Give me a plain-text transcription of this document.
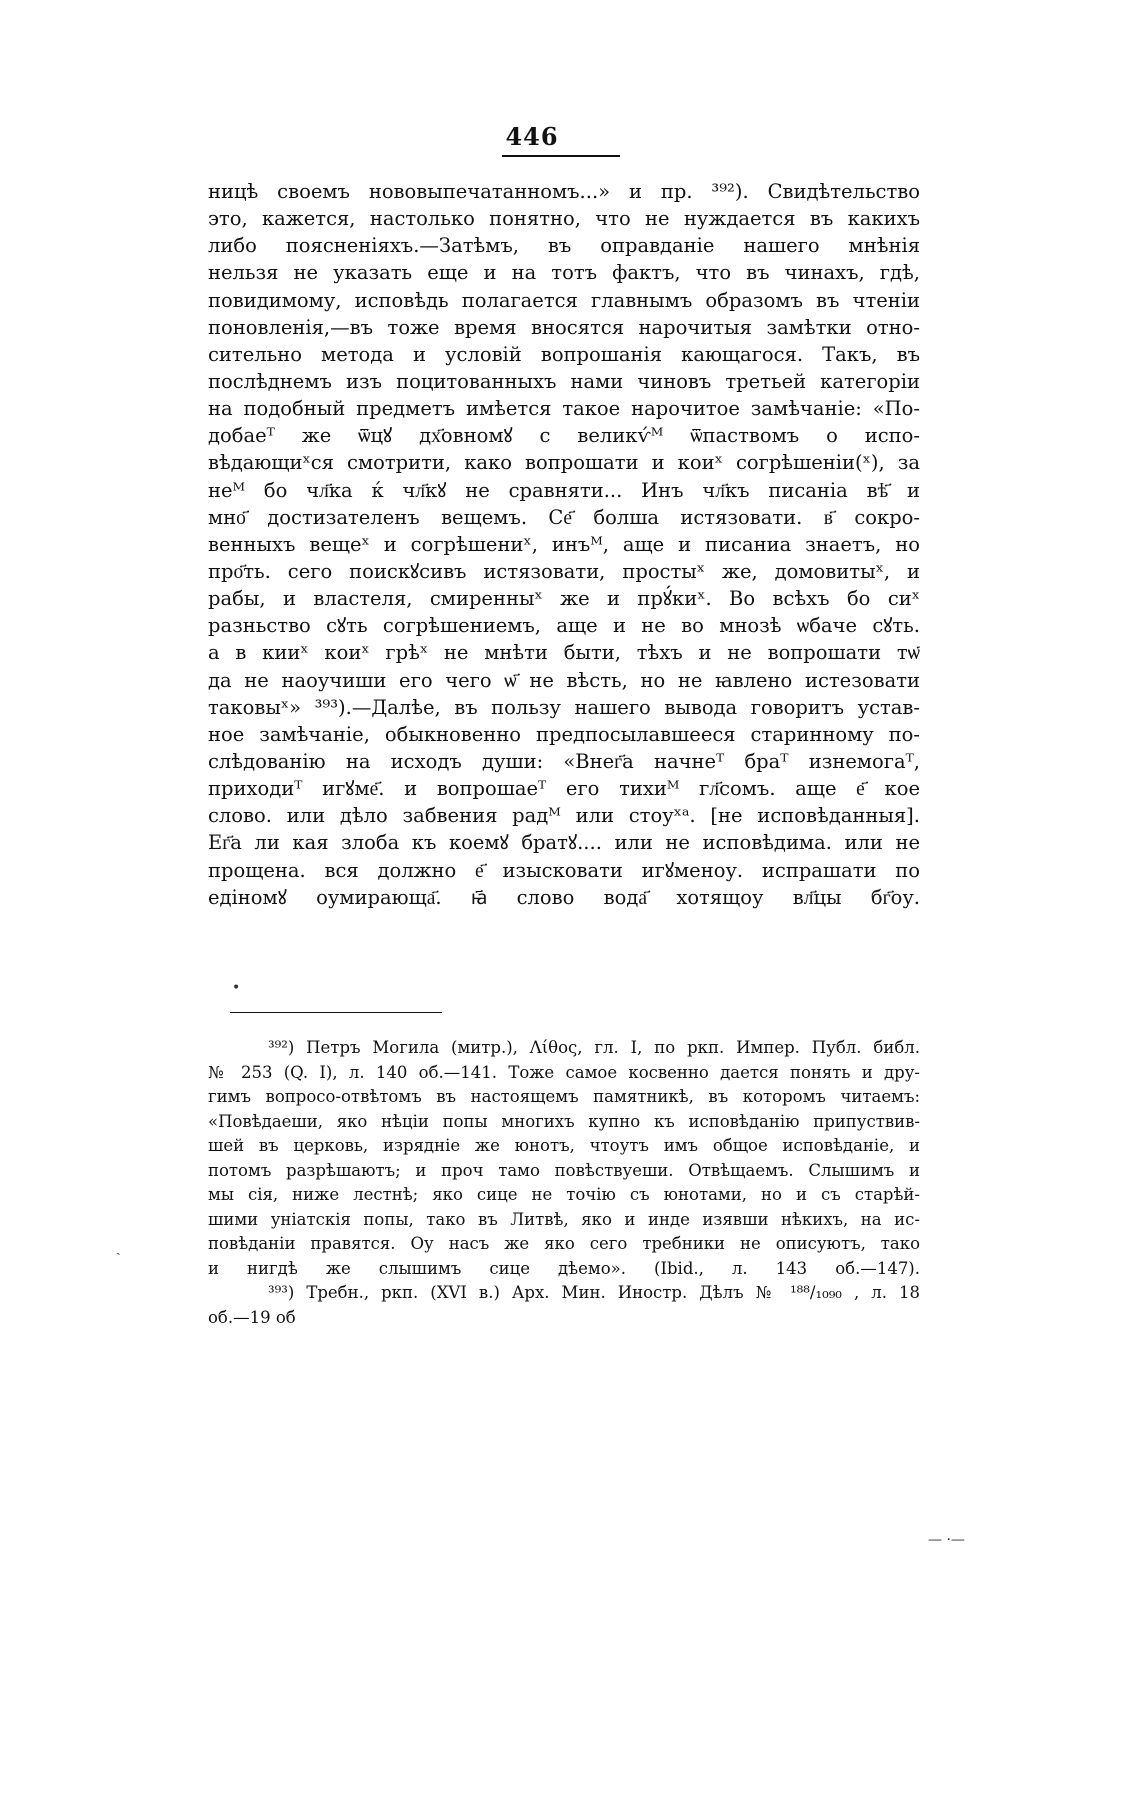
446
ницѣ своемъ нововыпечатанномъ...» и пр. ³⁹²). Свидѣтельство
это, кажется, настолько понятно, что не нуждается въ какихъ
либо поясненіяхъ.—Затѣмъ, въ оправданіе нашего мнѣнія
нельзя не указать еще и на тотъ фактъ, что въ чинахъ, гдѣ,
повидимому, исповѣдь полагается главнымъ образомъ въ чтеніи
поновленія,—въ тоже время вносятся нарочитыя замѣтки отно-
сительно метода и условій вопрошанія кающагося. Такъ, въ
послѣднемъ изъ поцитованныхъ нами чиновъ третьей категоріи
на подобный предметъ имѣется такое нарочитое замѣчаніе: «По-
добаеᵀ же ѿцꙋ дх҃овномꙋ с великѵ́ᴹ ѿпаствомъ о испо-
вѣдающиˣся смотрити, како вопрошати и коиˣ согрѣшеніи(ˣ), за
неᴹ бо чл҃ка ќ чл҃кꙋ не сравняти... Инъ чл҃къ писаніа вѣ҃ и
мно҃ достизателенъ вещемъ. Се҃ болша истязовати. в҃ сокро-
венныхъ вещеˣ и согрѣшениˣ, инъᴹ, аще и писаниа знаетъ, но
про҃ть. сего поискꙋсивъ истязовати, простыˣ же, домовитыˣ, и
рабы, и властеля, смиренныˣ же и прꙋ́киˣ. Во всѣхъ бо сиˣ
разньство сꙋть согрѣшениемъ, аще и не во мнозѣ ѡбаче сꙋть.
а в кииˣ коиˣ грѣˣ не мнѣти быти, тѣхъ и не вопрошати тѡ҃
да не наоучиши его чего ѡ҃ не вѣсть, но не ꙗвлено истезовати
таковыˣ» ³⁹³).—Далѣе, въ пользу нашего вывода говоритъ устав-
ное замѣчаніе, обыкновенно предпосылавшееся старинному по-
слѣдованію на исходъ души: «Внег҃а начнеᵀ браᵀ изнемогаᵀ,
приходиᵀ игꙋме҃. и вопрошаеᵀ его тихиᴹ гл҃сомъ. аще е҃ кое
слово. или дѣло забвения радᴹ или стоуˣᵃ. [не исповѣданныя].
Ег҃а ли кая злоба къ коемꙋ братꙋ.... или не исповѣдима. или не
прощена. вся должно е҃ изысковати игꙋменоу. испрашати по
едіномꙋ оумирающа҃. ꙗ҃ слово вода҃ хотящоу вл҃цы бг҃оу.
•
³⁹²) Петръ Могила (митр.), Λίθος, гл. I, по ркп. Импер. Публ. библ.
№ 253 (Q. I), л. 140 об.—141. Тоже самое косвенно дается понять и дру-
гимъ вопросо-отвѣтомъ въ настоящемъ памятникѣ, въ которомъ читаемъ:
«Повѣдаеши, яко нѣціи попы многихъ купно къ исповѣданію припуствив-
шей въ церковь, изрядніе же юнотъ, чтоутъ имъ общое исповѣданіе, и
потомъ разрѣшаютъ; и проч тамо повѣствуеши. Отвѣщаемъ. Слышимъ и
мы сія, ниже лестнѣ; яко сице не точію съ юнотами, но и съ старѣй-
шими уніатскія попы, тако въ Литвѣ, яко и инде изявши нѣкихъ, на ис-
повѣданіи правятся. Оу насъ же яко сего требники не описуютъ, тако
и нигдѣ же слышимъ сице дѣемо». (Ibid., л. 143 об.—147).
³⁹³) Требн., ркп. (XVI в.) Арх. Мин. Иностр. Дѣлъ № ¹⁸⁸/₁₀₉₀ , л. 18
об.—19 об
ˎ
— ·—
